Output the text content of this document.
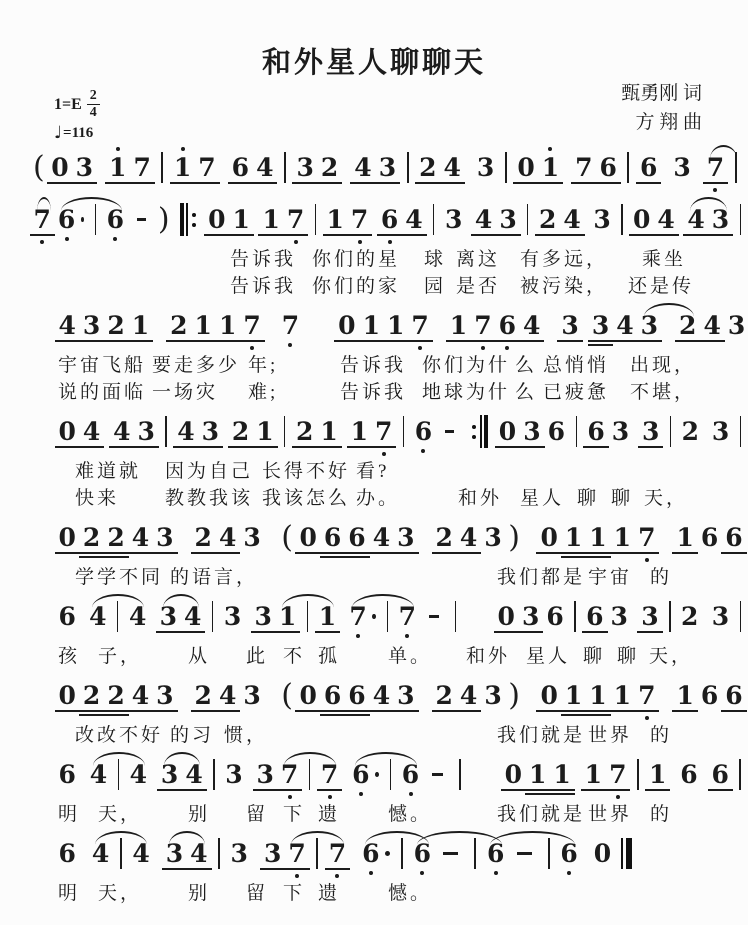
和外星人聊聊天
$1=E \frac{2}{4}$
♩ =116
甄勇刚 词
方 翔 曲
( 0 3 1 7 1 7 6 4 3 2 4 3 2 4 3 0 1 7 6 6 3 7
7 6 6 ) 0 1 1 7 1 7 6 4 3 4 3 2 4 3 0 4 4 3
告诉我 你们的星 球 离这 有多远， 乘坐
告诉我 你们的家 园 是否 被污染， 还是传
4 3 2 1 2 1 1 7 7 0 1 1 7 1 7 6 4 3 3 4 3 2 4 3
宇宙飞船 要走多少 年;	告诉我 你们为什 么 总悄悄 出现，
说的面临 一场灾 难;	告诉我 地球为什 么 已疲惫 不堪，
0 4 4 3 4 3 2 1 2 1 1 7 6	0 3 6 6 3 3 2 3
难道就 因为自己 长得不好 看?
快来 教教我该 我该怎么 办。	和外 星人 聊 聊 天，
0 2 2 4 3 2 4 3 ( 0 6 6 4 3 2 4 3 ) 0 1 1 1 7 1 6 6
学学不同 的语言，	我们都是 宇宙 的
6 4 4 3 4 3 3 1 1 7 7	0 3 6 6 3 3 2 3
孩 子， 从 此 不 孤	单。 和外 星人 聊 聊 天，
0 2 2 4 3 2 4 3 ( 0 6 6 4 3 2 4 3 ) 0 1 1 1 7 1 6 6
改改不好 的习 惯，	我们就是 世界 的
6 4 4 3 4 3 3 7 7 6 6	0 1 1 1 7 1 6 6
明 天， 别 留 下 遗	憾。	我们就是 世界 的
6 4 4 3 4 3 3 7 7 6 6 6 6 0
明 天， 别 留 下 遗	憾。
